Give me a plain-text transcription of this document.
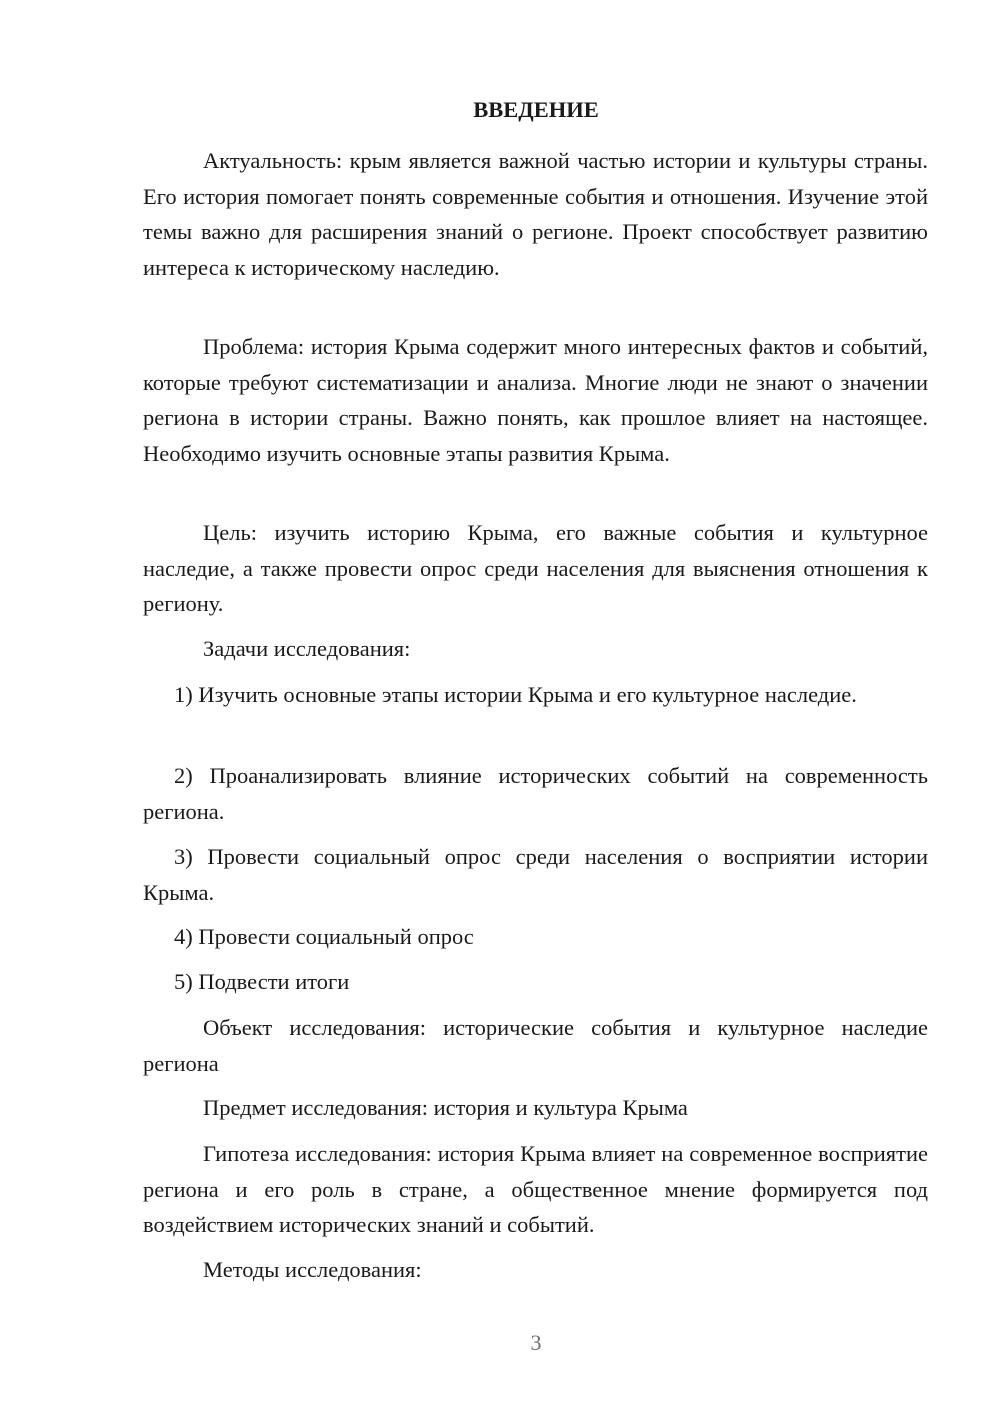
ВВЕДЕНИЕ

Актуальность: крым является важной частью истории и культуры страны. Его история помогает понять современные события и отношения. Изучение этой темы важно для расширения знаний о регионе. Проект способствует развитию интереса к историческому наследию.

Проблема: история Крыма содержит много интересных фактов и событий, которые требуют систематизации и анализа. Многие люди не знают о значении региона в истории страны. Важно понять, как прошлое влияет на настоящее. Необходимо изучить основные этапы развития Крыма.

Цель: изучить историю Крыма, его важные события и культурное наследие, а также провести опрос среди населения для выяснения отношения к региону.

Задачи исследования:

1) Изучить основные этапы истории Крыма и его культурное наследие.

2) Проанализировать влияние исторических событий на современность региона.

3) Провести социальный опрос среди населения о восприятии истории Крыма.

4) Провести социальный опрос

5) Подвести итоги

Объект исследования: исторические события и культурное наследие региона

Предмет исследования: история и культура Крыма

Гипотеза исследования: история Крыма влияет на современное восприятие региона и его роль в стране, а общественное мнение формируется под воздействием исторических знаний и событий.

Методы исследования:

3
